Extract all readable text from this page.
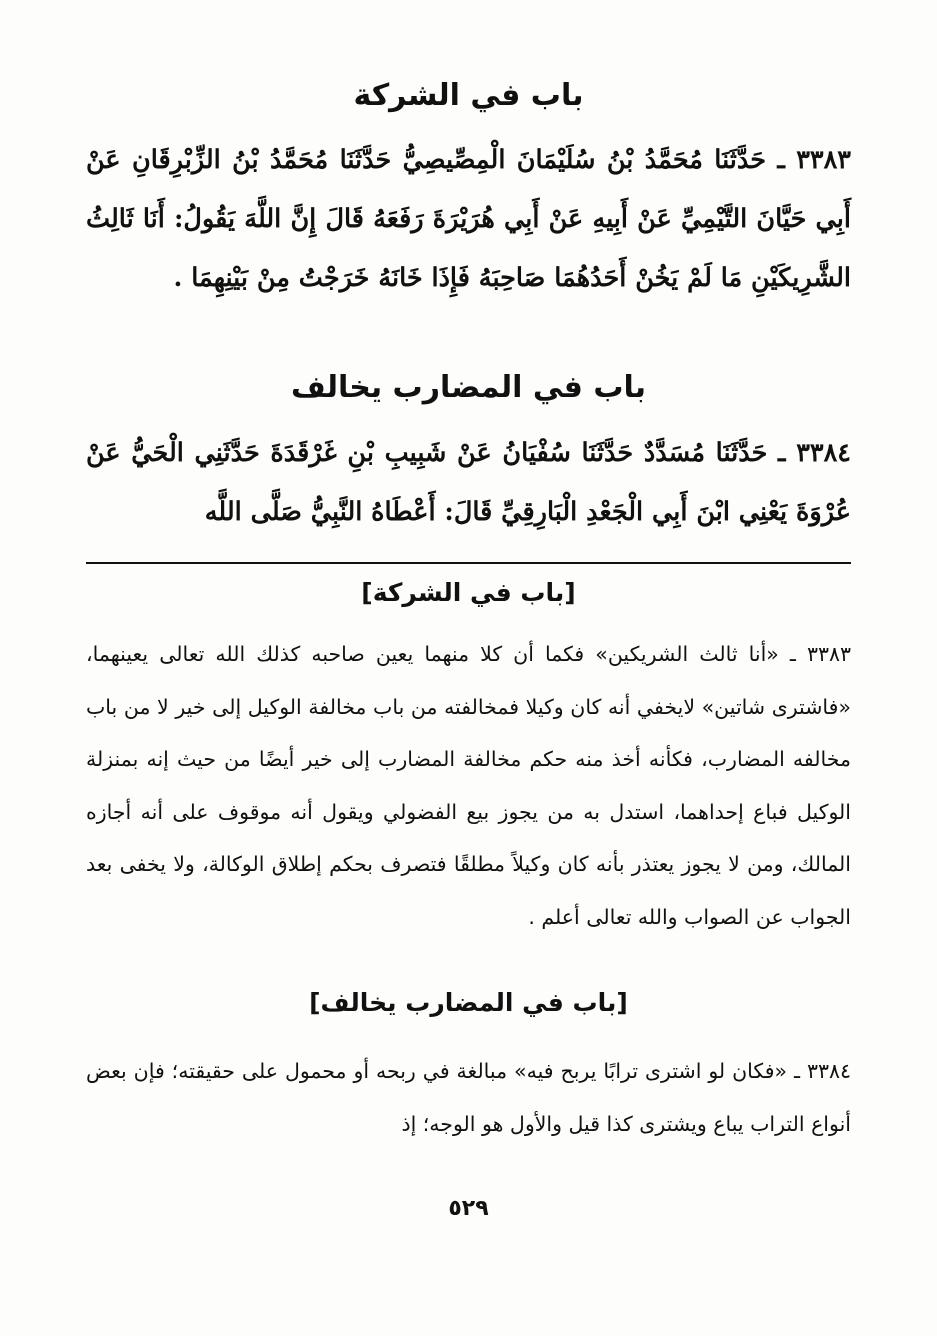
باب في الشركة
٣٣٨٣ ـ حَدَّثَنَا مُحَمَّدُ بْنُ سُلَيْمَانَ الْمِصِّيصِيُّ حَدَّثَنَا مُحَمَّدُ بْنُ الزِّبْرِقَانِ عَنْ أَبِي حَيَّانَ التَّيْمِيِّ عَنْ أَبِيهِ عَنْ أَبِي هُرَيْرَةَ رَفَعَهُ قَالَ إِنَّ اللَّهَ يَقُولُ: أَنَا ثَالِثُ الشَّرِيكَيْنِ مَا لَمْ يَخُنْ أَحَدُهُمَا صَاحِبَهُ فَإِذَا خَانَهُ خَرَجْتُ مِنْ بَيْنِهِمَا .
باب في المضارب يخالف
٣٣٨٤ ـ حَدَّثَنَا مُسَدَّدٌ حَدَّثَنَا سُفْيَانُ عَنْ شَبِيبِ بْنِ غَرْقَدَةَ حَدَّثَنِي الْحَيُّ عَنْ عُرْوَةَ يَعْنِي ابْنَ أَبِي الْجَعْدِ الْبَارِقِيِّ قَالَ: أَعْطَاهُ النَّبِيُّ صَلَّى اللَّه
[باب في الشركة]
٣٣٨٣ ـ «أنا ثالث الشريكين» فكما أن كلا منهما يعين صاحبه كذلك الله تعالى يعينهما، «فاشترى شاتين» لايخفي أنه كان وكيلا فمخالفته من باب مخالفة الوكيل إلى خير لا من باب مخالفه المضارب، فكأنه أخذ منه حكم مخالفة المضارب إلى خير أيضًا من حيث إنه بمنزلة الوكيل فباع إحداهما، استدل به من يجوز بيع الفضولي ويقول أنه موقوف على أنه أجازه المالك، ومن لا يجوز يعتذر بأنه كان وكيلاً مطلقًا فتصرف بحكم إطلاق الوكالة، ولا يخفى بعد الجواب عن الصواب والله تعالى أعلم .
[باب في المضارب يخالف]
٣٣٨٤ ـ «فكان لو اشترى ترابًا يربح فيه» مبالغة في ربحه أو محمول على حقيقته؛ فإن بعض أنواع التراب يباع ويشترى كذا قيل والأول هو الوجه؛ إذ
٥٢٩
